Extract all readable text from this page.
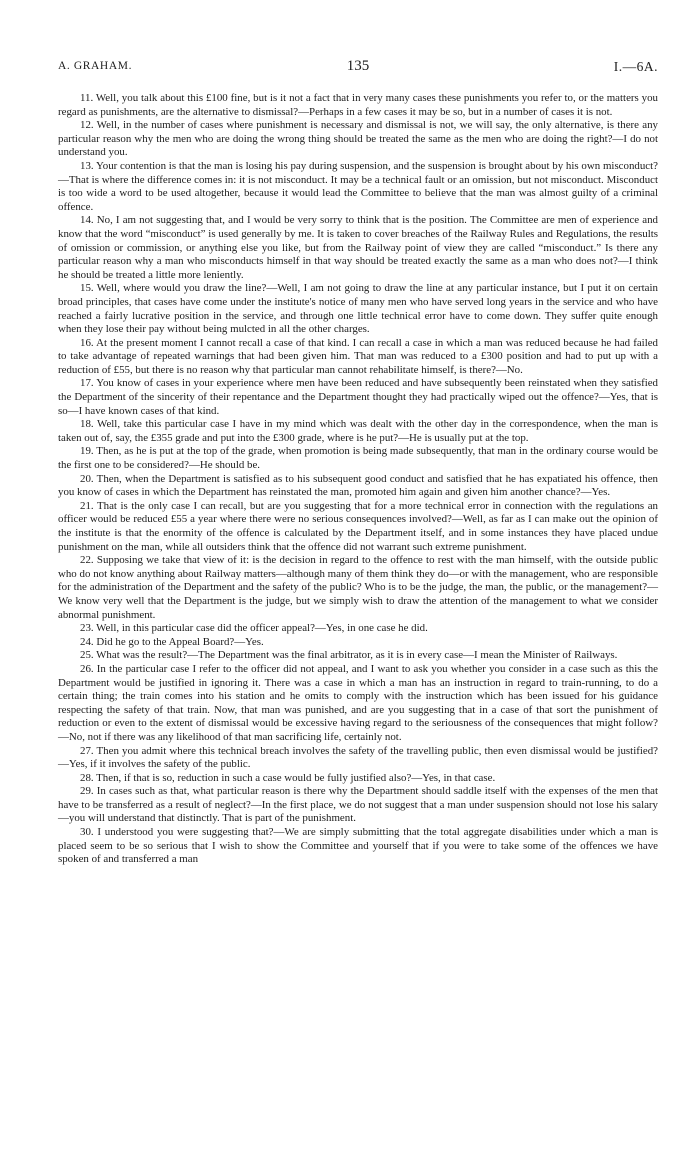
A. GRAHAM.	135	I.—6A.

11. Well, you talk about this £100 fine, but is it not a fact that in very many cases these punishments you refer to, or the matters you regard as punishments, are the alternative to dismissal?—Perhaps in a few cases it may be so, but in a number of cases it is not.

12. Well, in the number of cases where punishment is necessary and dismissal is not, we will say, the only alternative, is there any particular reason why the men who are doing the wrong thing should be treated the same as the men who are doing the right?—I do not understand you.

13. Your contention is that the man is losing his pay during suspension, and the suspension is brought about by his own misconduct?—That is where the difference comes in: it is not misconduct. It may be a technical fault or an omission, but not misconduct. Misconduct is too wide a word to be used altogether, because it would lead the Committee to believe that the man was almost guilty of a criminal offence.

14. No, I am not suggesting that, and I would be very sorry to think that is the position. The Committee are men of experience and know that the word “misconduct” is used generally by me. It is taken to cover breaches of the Railway Rules and Regulations, the results of omission or commission, or anything else you like, but from the Railway point of view they are called “misconduct.” Is there any particular reason why a man who misconducts himself in that way should be treated exactly the same as a man who does not?—I think he should be treated a little more leniently.

15. Well, where would you draw the line?—Well, I am not going to draw the line at any particular instance, but I put it on certain broad principles, that cases have come under the institute's notice of many men who have served long years in the service and who have reached a fairly lucrative position in the service, and through one little technical error have to come down. They suffer quite enough when they lose their pay without being mulcted in all the other charges.

16. At the present moment I cannot recall a case of that kind. I can recall a case in which a man was reduced because he had failed to take advantage of repeated warnings that had been given him. That man was reduced to a £300 position and had to put up with a reduction of £55, but there is no reason why that particular man cannot rehabilitate himself, is there?—No.

17. You know of cases in your experience where men have been reduced and have subsequently been reinstated when they satisfied the Department of the sincerity of their repentance and the Department thought they had practically wiped out the offence?—Yes, that is so—I have known cases of that kind.

18. Well, take this particular case I have in my mind which was dealt with the other day in the correspondence, when the man is taken out of, say, the £355 grade and put into the £300 grade, where is he put?—He is usually put at the top.

19. Then, as he is put at the top of the grade, when promotion is being made subsequently, that man in the ordinary course would be the first one to be considered?—He should be.

20. Then, when the Department is satisfied as to his subsequent good conduct and satisfied that he has expatiated his offence, then you know of cases in which the Department has reinstated the man, promoted him again and given him another chance?—Yes.

21. That is the only case I can recall, but are you suggesting that for a more technical error in connection with the regulations an officer would be reduced £55 a year where there were no serious consequences involved?—Well, as far as I can make out the opinion of the institute is that the enormity of the offence is calculated by the Department itself, and in some instances they have placed undue punishment on the man, while all outsiders think that the offence did not warrant such extreme punishment.

22. Supposing we take that view of it: is the decision in regard to the offence to rest with the man himself, with the outside public who do not know anything about Railway matters—although many of them think they do—or with the management, who are responsible for the administration of the Department and the safety of the public? Who is to be the judge, the man, the public, or the management?—We know very well that the Department is the judge, but we simply wish to draw the attention of the management to what we consider abnormal punishment.

23. Well, in this particular case did the officer appeal?—Yes, in one case he did.

24. Did he go to the Appeal Board?—Yes.

25. What was the result?—The Department was the final arbitrator, as it is in every case—I mean the Minister of Railways.

26. In the particular case I refer to the officer did not appeal, and I want to ask you whether you consider in a case such as this the Department would be justified in ignoring it. There was a case in which a man has an instruction in regard to train-running, to do a certain thing; the train comes into his station and he omits to comply with the instruction which has been issued for his guidance respecting the safety of that train. Now, that man was punished, and are you suggesting that in a case of that sort the punishment of reduction or even to the extent of dismissal would be excessive having regard to the seriousness of the consequences that might follow?—No, not if there was any likelihood of that man sacrificing life, certainly not.

27. Then you admit where this technical breach involves the safety of the travelling public, then even dismissal would be justified?—Yes, if it involves the safety of the public.

28. Then, if that is so, reduction in such a case would be fully justified also?—Yes, in that case.

29. In cases such as that, what particular reason is there why the Department should saddle itself with the expenses of the men that have to be transferred as a result of neglect?—In the first place, we do not suggest that a man under suspension should not lose his salary—you will understand that distinctly. That is part of the punishment.

30. I understood you were suggesting that?—We are simply submitting that the total aggregate disabilities under which a man is placed seem to be so serious that I wish to show the Committee and yourself that if you were to take some of the offences we have spoken of and transferred a man
